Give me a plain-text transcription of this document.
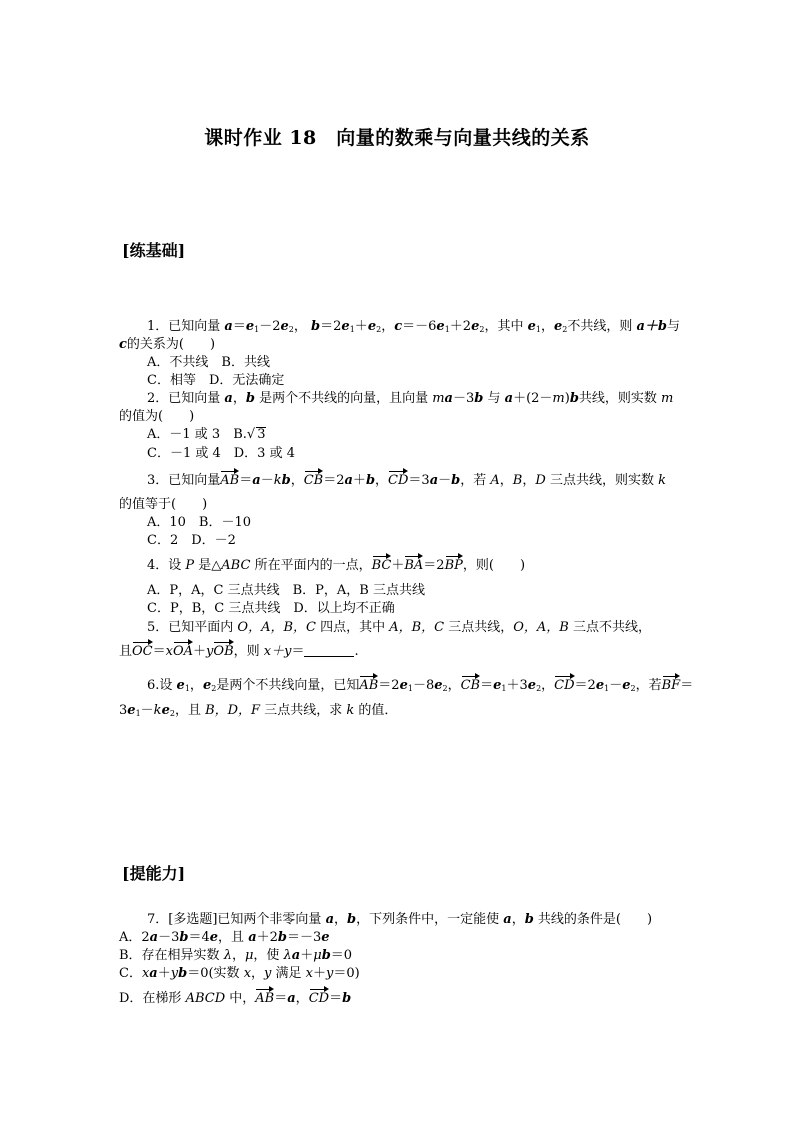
课时作业 18　向量的数乘与向量共线的关系
[练基础]
1．已知向量 $a=e_1-2e_2$， $b=2e_1+e_2$，$c=-6e_1+2e_2$，其中 $e_1$，$e_2$不共线，则 a＋b与
c的关系为(　　)
A．不共线　B．共线
C．相等　D．无法确定
2．已知向量 a，b 是两个不共线的向量，且向量 ma－3b 与 a＋(2－m)b共线，则实数 m
的值为(　　)
A．－1 或 3　B.√ 3
C．－1 或 4　D．3 或 4
3．已知向量AB＝a－kb，CB＝2a＋b，CD＝3a－b，若 A，B，D 三点共线，则实数 k
的值等于(　　)
A．10　B．－10
C．2　D．－2
4．设 P 是△ABC 所在平面内的一点，BC＋BA＝2BP，则(　　)
A．P，A，C 三点共线　B．P，A，B 三点共线
C．P，B，C 三点共线　D．以上均不正确
5．已知平面内 O，A，B，C 四点，其中 A，B，C 三点共线，O，A，B 三点不共线，
且OC＝xOA＋yOB，则 x＋y＝	.
6.设 $e_1$，$e_2$是两个不共线向量，已知$AB=2e_1-8e_2$，$CB=e_1+3e_2$，$CD=2e_1-e_2$，若BF＝
$3e_1-ke_2$，且 B，D，F 三点共线，求 k 的值．
[提能力]
7．[多选题]已知两个非零向量 a，b，下列条件中，一定能使 a，b 共线的条件是(　　)
A．2a－3b＝4e，且 a＋2b＝－3e
B．存在相异实数 λ，μ，使 λa＋μb＝0
C．xa＋yb＝0(实数 x，y 满足 x＋y＝0)
D．在梯形 ABCD 中，AB＝a，CD＝b
